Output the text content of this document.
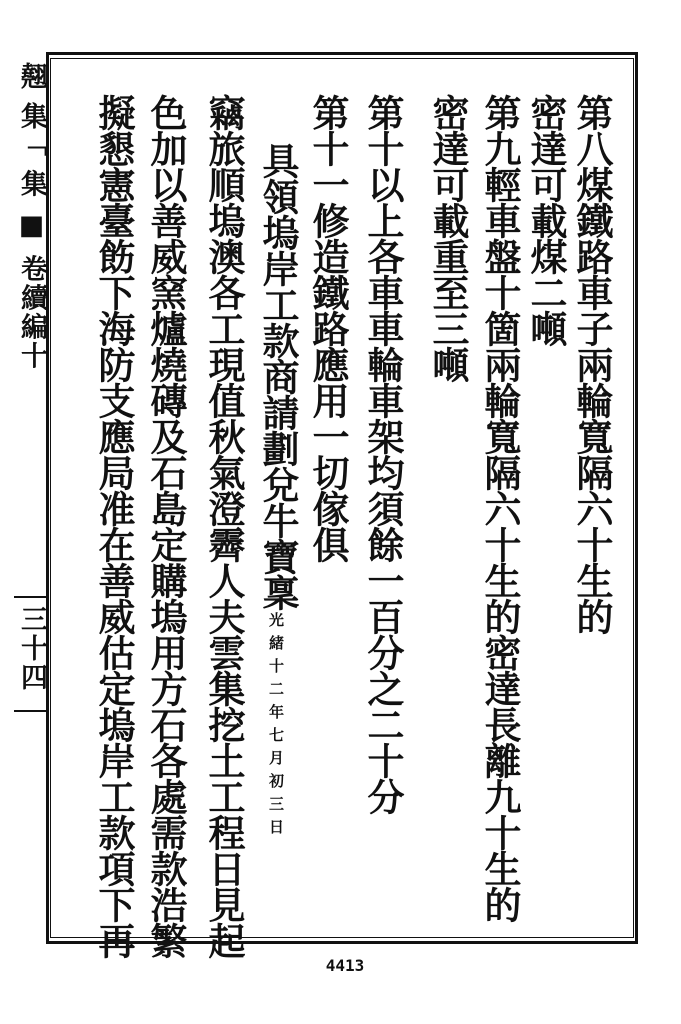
翹 集 ｢ 集 ■ 卷續編十
三十四
第八煤鐵路車子兩輪寬隔六十生的
密達可載煤二噸
第九輕車盤十箇兩輪寬隔六十生的密達長離九十生的
密達可載重至三噸
第十以上各車車輪車架均須餘一百分之二十分
第十一修造鐵路應用一切傢俱
具領塢岸工款商請劃兌牛寶稟
光緒十二年七月初三日
竊旅順塢澳各工現值秋氣澄霽人夫雲集挖土工程日見起
色加以善威窯爐燒磚及石島定購塢用方石各處需款浩繁
擬懇憲臺飭下海防支應局准在善威估定塢岸工款項下再
4413
